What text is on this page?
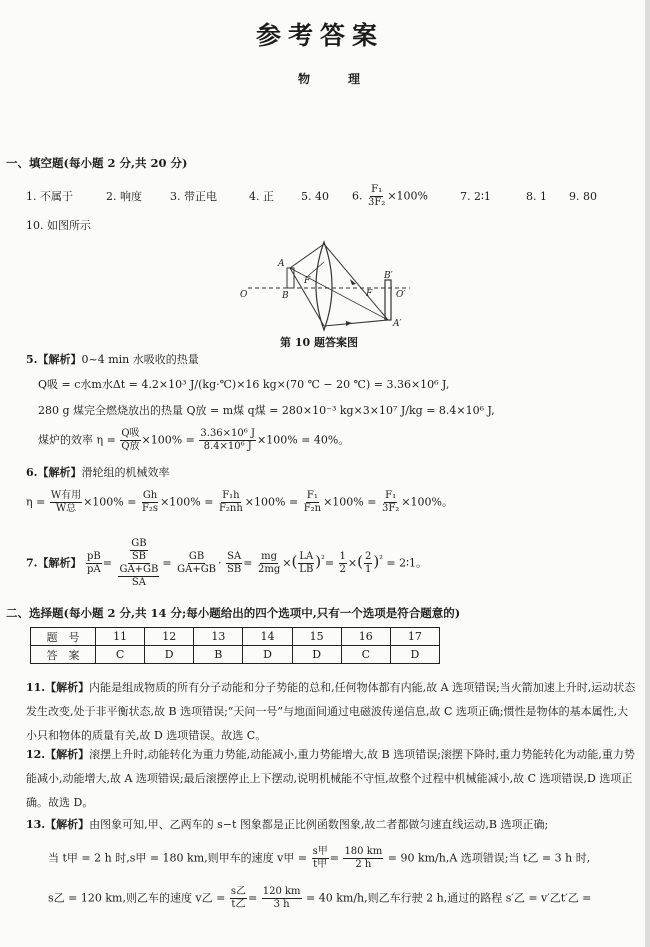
参考答案
物　理
一、填空题(每小题 2 分,共 20 分)
1. 不属于	2. 响度	3. 带正电	4. 正 5. 40 6. $\frac{\text{F₁}}{\text{3F₂}} \times 100\%$	7. 2∶1	8. 1 9. 80
10. 如图所示
A
B
F
O
B′
O′
A′
F
第 10 题答案图
5.【解析】0~4 min 水吸收的热量
Q吸 = c水m水Δt = 4.2×10³ J/(kg·℃)×16 kg×(70 ℃ − 20 ℃) = 3.36×10⁶ J,
280 g 煤完全燃烧放出的热量 Q放 = m煤 q煤 = 280×10⁻³ kg×3×10⁷ J/kg = 8.4×10⁶ J,
煤炉的效率 $\eta = \frac{\text{Q吸}}{\text{Q放}} \times 100\% = \frac{\text{3.36×10⁶ J}}{\text{8.4×10⁶ J}} \times 100\% = 40\%$。
6.【解析】滑轮组的机械效率
$\eta = \frac{\text{W有用}}{\text{W总}} \times 100\% = \frac{Gh}{\text{F₂s}} \times 100\% = \frac{\text{F₁h}}{\text{F₂nh}} \times 100\% = \frac{\text{F₁}}{\text{F₂n}} \times 100\% = \frac{\text{F₁}}{\text{3F₂}} \times 100\%$。
7.【解析】 $\frac{pB}{pA} = \frac{\frac{GB}{SB}}{\frac{GA+GB}{SA}} = \frac{GB}{GA+GB} \cdot \frac{SA}{SB} = \frac{mg}{2mg}$ ×( $\frac{LA}{LB} )^{^2}= \frac{1}{2}$ ×( $\frac{2}{1} )^{^2}$ = 2∶1。
二、选择题(每小题 2 分,共 14 分;每小题给出的四个选项中,只有一个选项是符合题意的)
题　号	11	12	13	14	15	16	17
答　案	C	D	B	D	D	C	D
11.【解析】内能是组成物质的所有分子动能和分子势能的总和,任何物体都有内能,故 A 选项错误;当火箭加速上升时,运动状态发生改变,处于非平衡状态,故 B 选项错误;“天问一号”与地面间通过电磁波传递信息,故 C 选项正确;惯性是物体的基本属性,大小只和物体的质量有关,故 D 选项错误。故选 C。
12.【解析】滚摆上升时,动能转化为重力势能,动能减小,重力势能增大,故 B 选项错误;滚摆下降时,重力势能转化为动能,重力势能减小,动能增大,故 A 选项错误;最后滚摆停止上下摆动,说明机械能不守恒,故整个过程中机械能减小,故 C 选项错误,D 选项正确。故选 D。
13.【解析】由图象可知,甲、乙两车的 s−t 图象都是正比例函数图象,故二者都做匀速直线运动,B 选项正确;
当 t甲 = 2 h 时,s甲 = 180 km,则甲车的速度 v甲 = $\frac{\text{s甲}}{\text{t甲}} = \frac{180 km}{2 h} = 90$ km/h,A 选项错误;当 t乙 = 3 h 时,
s乙 = 120 km,则乙车的速度 v乙 = $\frac{\text{s乙}}{\text{t乙}} = \frac{120 km}{3 h} = 40$ km/h,则乙车行驶 2 h,通过的路程 s′乙 = v′乙t′乙 =
